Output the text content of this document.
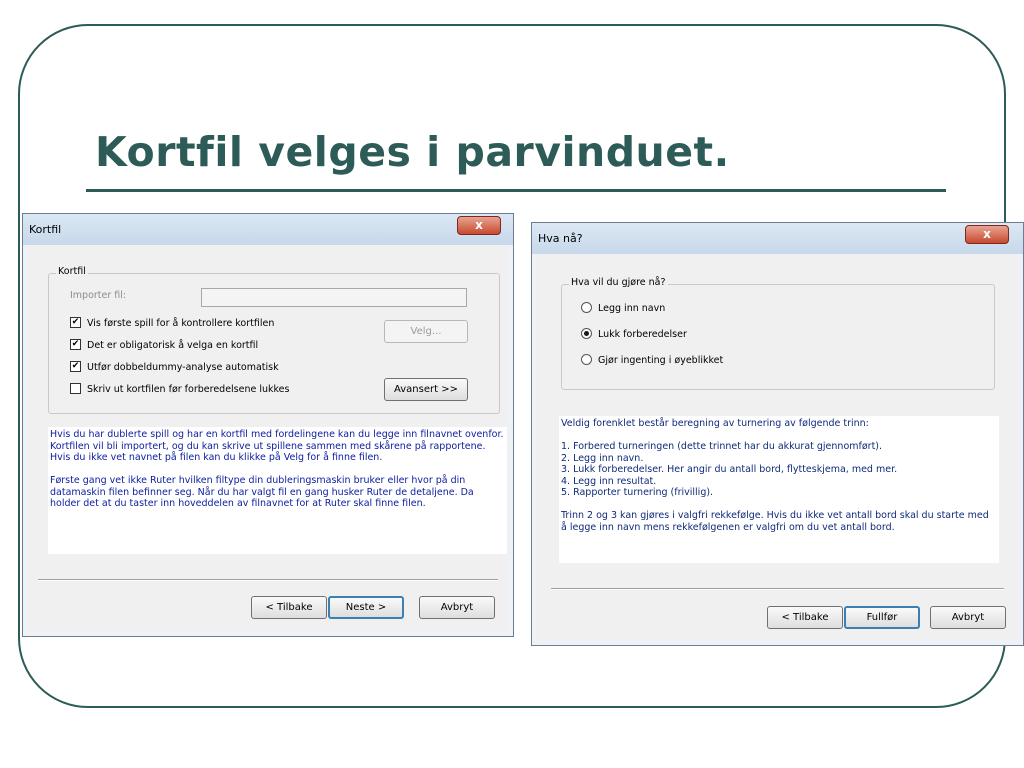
Kortfil velges i parvinduet.
Kortfil	x
Kortfil
Importer fil:
✔ Vis første spill for å kontrollere kortfilen
✔ Det er obligatorisk å velga en kortfil
✔ Utfør dobbeldummy-analyse automatisk
Skriv ut kortfilen før forberedelsene lukkes
Velg...
Avansert >>

Hvis du har dublerte spill og har en kortfil med fordelingene kan du legge inn filnavnet ovenfor. Kortfilen vil bli importert, og du kan skrive ut spillene sammen med skårene på rapportene. Hvis du ikke vet navnet på filen kan du klikke på Velg for å finne filen.

Første gang vet ikke Ruter hvilken filtype din dubleringsmaskin bruker eller hvor på din datamaskin filen befinner seg. Når du har valgt fil en gang husker Ruter de detaljene. Da holder det at du taster inn hoveddelen av filnavnet for at Ruter skal finne filen.

< Tilbake	Neste >	Avbryt
Hva nå?	x
Hva vil du gjøre nå?
Legg inn navn
Lukk forberedelser
Gjør ingenting i øyeblikket

Veldig forenklet består beregning av turnering av følgende trinn:

1. Forbered turneringen (dette trinnet har du akkurat gjennomført).
2. Legg inn navn.
3. Lukk forberedelser. Her angir du antall bord, flytteskjema, med mer.
4. Legg inn resultat.
5. Rapporter turnering (frivillig).

Trinn 2 og 3 kan gjøres i valgfri rekkefølge. Hvis du ikke vet antall bord skal du starte med å legge inn navn mens rekkefølgenen er valgfri om du vet antall bord.

< Tilbake	Fullfør	Avbryt
